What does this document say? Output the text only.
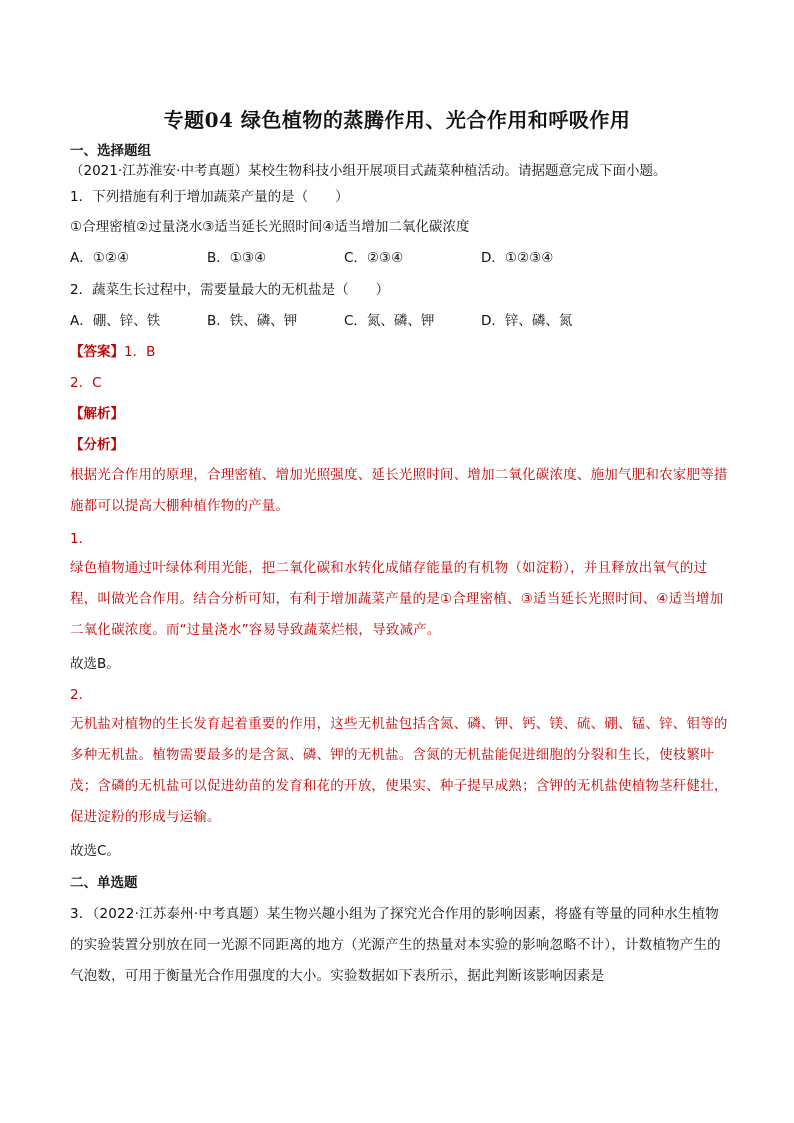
专题04 绿色植物的蒸腾作用、光合作用和呼吸作用
一、选择题组
（2021·江苏淮安·中考真题）某校生物科技小组开展项目式蔬菜种植活动。请据题意完成下面小题。
1．下列措施有利于增加蔬菜产量的是（　　）
①合理密植②过量浇水③适当延长光照时间④适当增加二氧化碳浓度
A．①②④	B．①③④	C．②③④	D．①②③④
2．蔬菜生长过程中，需要量最大的无机盐是（　　）
A．硼、锌、铁	B．铁、磷、钾	C．氮、磷、钾	D．锌、磷、氮
【答案】1．B
2．C
【解析】
【分析】
根据光合作用的原理，合理密植、增加光照强度、延长光照时间、增加二氧化碳浓度、施加气肥和农家肥等措施都可以提高大棚种植作物的产量。
1．
绿色植物通过叶绿体利用光能，把二氧化碳和水转化成储存能量的有机物（如淀粉），并且释放出氧气的过程，叫做光合作用。结合分析可知，有利于增加蔬菜产量的是①合理密植、③适当延长光照时间、④适当增加二氧化碳浓度。而“过量浇水”容易导致蔬菜烂根，导致减产。
故选B。
2．
无机盐对植物的生长发育起着重要的作用，这些无机盐包括含氮、磷、钾、钙、镁、硫、硼、锰、锌、钼等的多种无机盐。植物需要最多的是含氮、磷、钾的无机盐。含氮的无机盐能促进细胞的分裂和生长，使枝繁叶茂；含磷的无机盐可以促进幼苗的发育和花的开放，使果实、种子提早成熟；含钾的无机盐使植物茎秆健壮，促进淀粉的形成与运输。
故选C。
二、单选题
3．（2022·江苏泰州·中考真题）某生物兴趣小组为了探究光合作用的影响因素，将盛有等量的同种水生植物的实验装置分别放在同一光源不同距离的地方（光源产生的热量对本实验的影响忽略不计），计数植物产生的气泡数，可用于衡量光合作用强度的大小。实验数据如下表所示，据此判断该影响因素是
